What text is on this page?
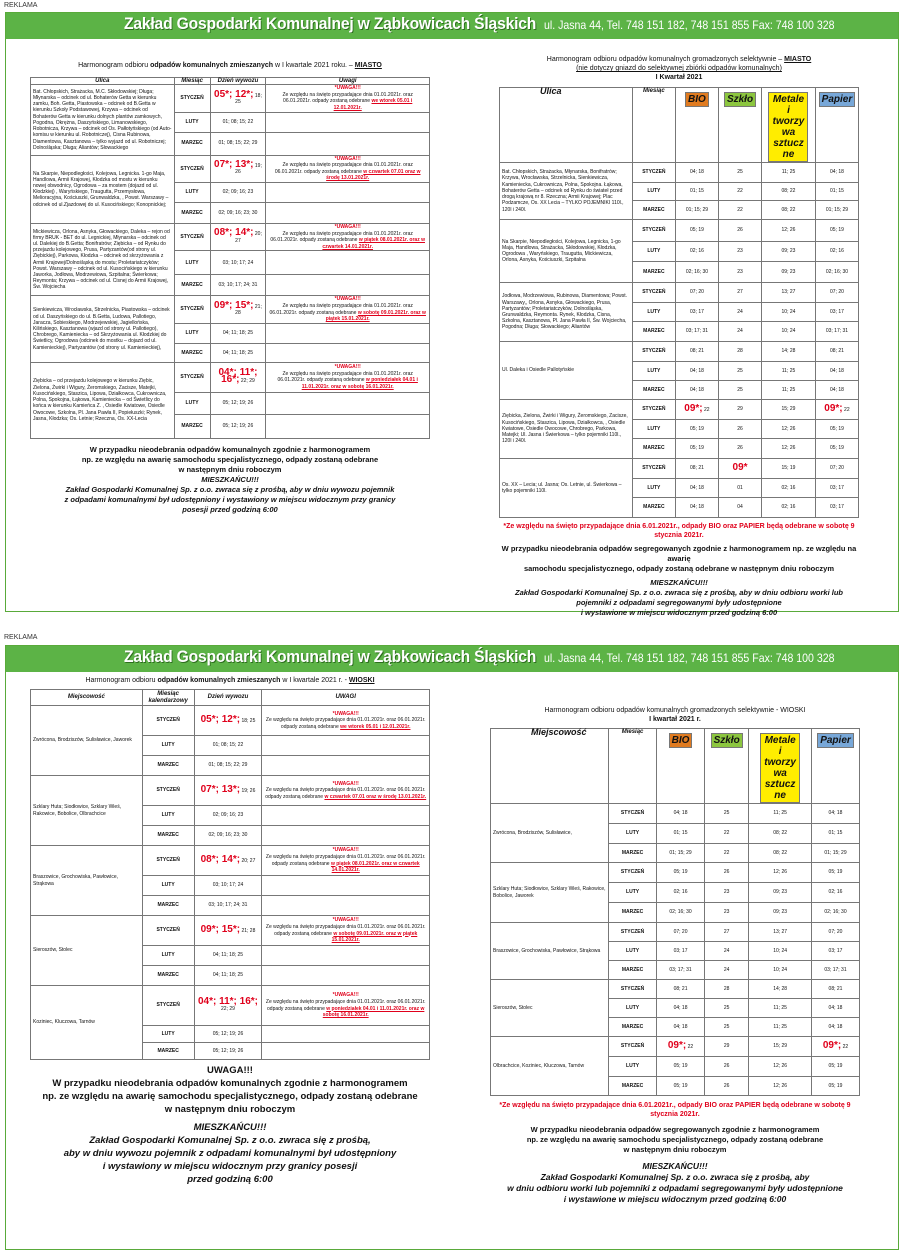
REKLAMA
Zakład Gospodarki Komunalnej w Ząbkowicach Śląskich ul. Jasna 44, Tel. 748 151 182, 748 151 855 Fax: 748 100 328
Harmonogram odbioru odpadów komunalnych zmieszanych w I kwartale 2021 roku. – MIASTO
Ulica	Miesiąc	Dzień wywozu	Uwagi
Bat. Chłopskich, Strażacka, M.C. Skłodowskiej; Długa; Młynarska – odcinek od ul. Bohaterów Getta w kierunku zamku, Boh. Getta, Piastowska – odcinek od B.Getta w kierunku Szkoły Podstawowej, Krzywa – odcinek od Bohaterów Getta w kierunku dolnych plantów zamkowych, Pogodna, Okrężna, Daszyńskiego, Limanowskiego, Robotnicza, Krzywa – odcinek od Os. Pałłotyńskiego (od Auto-komisu w kierunku ul. Robotniczej), Cisna Rubinowa, Diamentowa, Kasztanowa – tylko wyjazd od ul. Robotniczej; Dolnośląska; Długa; Aliantów; Słowackiego	STYCZEŃ	05*; 12*; 18; 25	*UWAGA!!!
Ze względu na święto przypadające dnia 01.01.2021r. oraz 06.01.2021r. odpady zostaną odebrane we wtorek 05.01 i 12.01.2021r.
	LUTY	01; 08; 15; 22	
	MARZEC	01; 08; 15; 22; 29	
Na Skarpie, Niepodległości, Kolejowa, Legnicka. 1-go Maja, Handlowa, Armii Krajowej, Kłodzka od mostu w kierunku nowej obwodnicy, Ogrodowa – za mostem (dojazd od ul. Kłodzkiej) , Waryńskiego, Traugutta, Przemysłowa, Melioracyjna, Kościuszki, Grunwaldzka, , Powst. Warszawy – odcinek od ul.Zjazdowej do ul. Kusocińskiego; Konopnickiej;	STYCZEŃ	07*; 13*; 19; 26	*UWAGA!!!
Ze względu na święto przypadające dnia 01.01.2021r. oraz 06.01.2021r. odpady zostaną odebrane w czwartek 07.01 oraz w środę 13.01.2021r.
	LUTY	02; 09; 16; 23	
	MARZEC	02; 09; 16; 23; 30	
Mickiewicza, Orlona, Asnyka, Głowackiego, Daleka – rejon od firmy BRUK - BET do ul. Legnickiej, Młynarska – odcinek od ul. Dalekiej do B.Getta; Bonifratrów; Ziębicka – od Rynku do przejazdu kolejowego, Prusa, Partyzantów(od strony ul. Ziębickiej), Parkowa, Kłodzka – odcinek od skrzyżowania z Armii Krajowej/Dolnośląską do mostu; Proletariatczyków; Powst. Warszawy – odcinek od ul. Kusocińskiego w kierunku Jaworka, Jodłowa, Modrzewiowa, Szpitalna; Świerkowa; Reymonta; Krzywa – odcinek od ul. Cisnej do Armii Krajowej, Św. Wojciecha	STYCZEŃ	08*; 14*; 20; 27	*UWAGA!!!
Ze względu na święto przypadające dnia 01.01.2021r. oraz 06.01.2021r. odpady zostaną odebrane w piątek 08.01.2021r. oraz w czwartek 14.01.2021r.
	LUTY	03; 10; 17; 24	
	MARZEC	03; 10; 17; 24; 31	
Sienkiewicza, Wrocławska, Strzelnicka, Piastowska – odcinek od ul. Daszyńskiego do ul. B.Getta, Ludowa, Pallotiego, Jaracza, Sobieskiego, Modrzejewskiej, Jagiellońska, Kilińskiego, Kasztanowa (wjazd od strony ul. Pallotiego), Chrobrego, Kamieniecka – od Skrzyżowania ul. Kłodzkiej do Świetlicy, Ogrodowa (odcinek do mostku – dojazd od ul. Kamienieckiej), Partyzantów (od strony ul. Kamienieckiej),	STYCZEŃ	09*; 15*; 21; 28	*UWAGA!!!
Ze względu na święto przypadające dnia 01.01.2021r. oraz 06.01.2021r. odpady zostaną odebrane w sobotę 09.01.2021r. oraz w piątek 15.01.2021r.
	LUTY	04; 11; 18; 25	
	MARZEC	04; 11; 18; 25	
Ziębicka – od przejazdu kolejowego w kierunku Ziębic, Zielona, Żwirki i Wigury, Żeromskiego, Zacisze, Matejki, Kusocińskiego, Staszica, Lipowa, Działkowca, Cukrownicza, Polna, Spokojna, Łąkowa, Kamieniecka – od Świetlicy do końca w kierunku Kamieńca Z. , Osiedle Kwiatowe, Osiedle Owocowe, Szkolna, Pl. Jana Pawła II, Popiełuszki; Rynek, Jasna, Kłodzka; Os. Letnie; Rzeczna, Os. XX-Lecia	STYCZEŃ	04*; 11*; 16*; 22; 29	*UWAGA!!!
Ze względu na święto przypadające dnia 01.01.2021r. oraz 06.01.2021r. odpady zostaną odebrane w poniedziałek 04.01 i 11.01.2021r. oraz w sobotę 16.01.2021r.
	LUTY	05; 12; 19; 26	
	MARZEC	05; 12; 19; 26	
W przypadku nieodebrania odpadów komunalnych zgodnie z harmonogramem
np. ze względu na awarię samochodu specjalistycznego, odpady zostaną odebrane
w następnym dniu roboczym
MIESZKAŃCU!!!
Zakład Gospodarki Komunalnej Sp. z o.o. zwraca się z prośbą, aby w dniu wywozu pojemnik
z odpadami komunalnymi był udostępniony i wystawiony w miejscu widocznym przy granicy
posesji przed godziną 6:00
Harmonogram odbioru odpadów komunalnych gromadzonych selektywnie – MIASTO
(nie dotyczy gniazd do selektywnej zbiórki odpadów komunalnych)
I Kwartał 2021
Ulica	Miesiąc	BIO	Szkło	Metale i tworzywa sztuczne	Papier
Bat. Chłopskich, Strażacka, Młynarska, Bonifratrów; Krzywa, Wrocławska, Strzelnicka, Sienkiewicza, Kamieniecka, Cukrownicza, Polna, Spokojna. Łąkowa, Bohaterów Getta – odcinek od Rynku do świateł przed drogą krajową nr 8. Rzeczna; Armii Krajowej; Plac Podzamcze, Os. XX Lecia – TYLKO POJEMNIKI 110l., 120l i 240l.	STYCZEŃ	04; 18	25	11; 25	04; 18
	LUTY	01; 15	22	08; 22	01; 15
	MARZEC	01; 15; 29	22	08; 22	01; 15; 29
Na Skarpie, Niepodległości, Kolejowa, Legnicka, 1-go Maja, Handlowa, Strażacka, Skłodowskiej, Kłodzka, Ogrodowa , Waryńskiego, Traugutta, Mickiewicza, Orlona, Asnyka, Kościuszki, Szpitalna	STYCZEŃ	05; 19	26	12; 26	05; 19
	LUTY	02; 16	23	09; 23	02; 16
	MARZEC	02; 16; 30	23	09; 23	02; 16; 30
Jodłowa, Modrzewiowa, Rubinowa, Diamentowa; Powst. Warszawy,, Orlona, Asnyka, Głowackiego, Prusa, Partyzantów; Proletariatczyków, Dolnośląska, Grunwaldzka, Reymonta. Rynek, Kłodzka, Cisna, Szkolna, Kasztanowa, Pl. Jana Pawła II, Św. Wojciecha, Pogodna; Długa; Słowackiego; Aliantów	STYCZEŃ	07; 20	27	13; 27	07; 20
	LUTY	03; 17	24	10; 24	03; 17
	MARZEC	03; 17; 31	24	10; 24	03; 17; 31
Ul. Daleka i Osiedle Pallotyńskie	STYCZEŃ	08; 21	28	14; 28	08; 21
	LUTY	04; 18	25	11; 25	04; 18
	MARZEC	04; 18	25	11; 25	04; 18
Ziębicka, Zielona, Żwirki i Wigury, Żeromskiego, Zacisze, Kusocińskiego, Staszica, Lipowa, Działkowca, , Osiedle Kwiatowe, Osiedle Owocowe, Chrobrego, Parkowa, Matejki; Ul. Jasna i Świerkowa – tylko pojemniki 110l., 120l i 240l.	STYCZEŃ	09*; 22	29	15; 29	09*; 22
	LUTY	05; 19	26	12; 26	05; 19
	MARZEC	05; 19	26	12; 26	05; 19
Os. XX – Lecia; ul. Jasna; Os. Letnie, ul. Świerkowa – tylko pojemniki 110l.	STYCZEŃ	08; 21	09*	15; 19	07; 20
	LUTY	04; 18	01	02; 16	03; 17
	MARZEC	04; 18	04	02; 16	03; 17
*Ze względu na święto przypadające dnia 6.01.2021r., odpady BIO oraz PAPIER będą odebrane w sobotę 9 stycznia 2021r.
W przypadku nieodebrania odpadów segregowanych zgodnie z harmonogramem np. ze względu na awarię
samochodu specjalistycznego, odpady zostaną odebrane w następnym dniu roboczym
MIESZKAŃCU!!!
Zakład Gospodarki Komunalnej Sp. z o.o. zwraca się z prośbą, aby w dniu odbioru worki lub
pojemniki z odpadami segregowanymi były udostępnione
i wystawione w miejscu widocznym przed godziną 6:00
REKLAMA
Zakład Gospodarki Komunalnej w Ząbkowicach Śląskich ul. Jasna 44, Tel. 748 151 182, 748 151 855 Fax: 748 100 328
Harmonogram odbioru odpadów komunalnych zmieszanych w I kwartale 2021 r. - WIOSKI
Miejscowość	Miesiąc kalendarzowy	Dzień wywozu	UWAGI
Zwrócona, Brodziszów, Sulisławice, Jaworek	STYCZEŃ	05*; 12*; 18; 25	*UWAGA!!!
Ze względu na święto przypadające dnia 01.01.2021r. oraz 06.01.2021r. odpady zostaną odebrane we wtorek 05.01 i 12.01.2021r.
	LUTY	01; 08; 15; 22	
	MARZEC	01; 08; 15; 22; 29	
Szklary Huta; Siodłowice, Szklary Wieś, Rakowice, Bobolice, Olbrachcice	STYCZEŃ	07*; 13*; 19; 26	*UWAGA!!!
Ze względu na święto przypadające dnia 01.01.2021r. oraz 06.01.2021r. odpady zostaną odebrane w czwartek 07.01 oraz w środę 13.01.2021r.
	LUTY	02; 09; 16; 23	
	MARZEC	02; 09; 16; 23; 30	
Braszowice, Grochowiska, Pawłowice, Strąkowa	STYCZEŃ	08*; 14*; 20; 27	*UWAGA!!!
Ze względu na święto przypadające dnia 01.01.2021r. oraz 06.01.2021r. odpady zostaną odebrane w piątek 08.01.2021r. oraz w czwartek 14.01.2021r.
	LUTY	03; 10; 17; 24	
	MARZEC	03; 10; 17; 24; 31	
Sieroszów, Stolec	STYCZEŃ	09*; 15*; 21; 28	*UWAGA!!!
Ze względu na święto przypadające dnia 01.01.2021r. oraz 06.01.2021r. odpady zostaną odebrane w sobotę 09.01.2021r. oraz w piątek 15.01.2021r.
	LUTY	04; 11; 18; 25	
	MARZEC	04; 11; 18; 25	
Koziniec, Kluczowa, Tarnów	STYCZEŃ	04*; 11*; 16*; 22; 29	*UWAGA!!!
Ze względu na święto przypadające dnia 01.01.2021r. oraz 06.01.2021r. odpady zostaną odebrane w poniedziałek 04.01 i 11.01.2021r. oraz w sobotę 16.01.2021r.
	LUTY	05; 12; 19; 26	
	MARZEC	05; 12; 19; 26	
UWAGA!!!
W przypadku nieodebrania odpadów komunalnych zgodnie z harmonogramem
np. ze względu na awarię samochodu specjalistycznego, odpady zostaną odebrane
w następnym dniu roboczym
MIESZKAŃCU!!!
Zakład Gospodarki Komunalnej Sp. z o.o. zwraca się z prośbą,
aby w dniu wywozu pojemnik z odpadami komunalnymi był udostępniony
i wystawiony w miejscu widocznym przy granicy posesji
przed godziną 6:00
Harmonogram odbioru odpadów komunalnych gromadzonych selektywnie - WIOSKI
I kwartał 2021 r.
Miejscowość	Miesiąc	BIO	Szkło	Metale i tworzywa sztuczne	Papier
Zwrócona, Brodziszów, Sulisławice,	STYCZEŃ	04; 18	25	11; 25	04; 18
	LUTY	01; 15	22	08; 22	01; 15
	MARZEC	01; 15; 29	22	08; 22	01; 15; 29
Szklary Huta; Siodłowice, Szklary Wieś, Rakowice, Bobolice, Jaworek	STYCZEŃ	05; 19	26	12; 26	05; 19
	LUTY	02; 16	23	09; 23	02; 16
	MARZEC	02; 16; 30	23	09; 23	02; 16; 30
Braszowice, Grochowiska, Pawłowice, Strąkowa	STYCZEŃ	07; 20	27	13; 27	07; 20
	LUTY	03; 17	24	10; 24	03; 17
	MARZEC	03; 17; 31	24	10; 24	03; 17; 31
Sieroszów, Stolec	STYCZEŃ	08; 21	28	14; 28	08; 21
	LUTY	04; 18	25	11; 25	04; 18
	MARZEC	04; 18	25	11; 25	04; 18
Olbrachcice, Koziniec, Kluczowa, Tarnów	STYCZEŃ	09*; 22	29	15; 29	09*; 22
	LUTY	05; 19	26	12; 26	05; 19
	MARZEC	05; 19	26	12; 26	05; 19
*Ze względu na święto przypadające dnia 6.01.2021r., odpady BIO oraz PAPIER będą odebrane w sobotę 9 stycznia 2021r.
W przypadku nieodebrania odpadów segregowanych zgodnie z harmonogramem
np. ze względu na awarię samochodu specjalistycznego, odpady zostaną odebrane
w następnym dniu roboczym
MIESZKAŃCU!!!
Zakład Gospodarki Komunalnej Sp. z o.o. zwraca się z prośbą, aby
w dniu odbioru worki lub pojemniki z odpadami segregowanymi były udostępnione
i wystawione w miejscu widocznym przed godziną 6:00
